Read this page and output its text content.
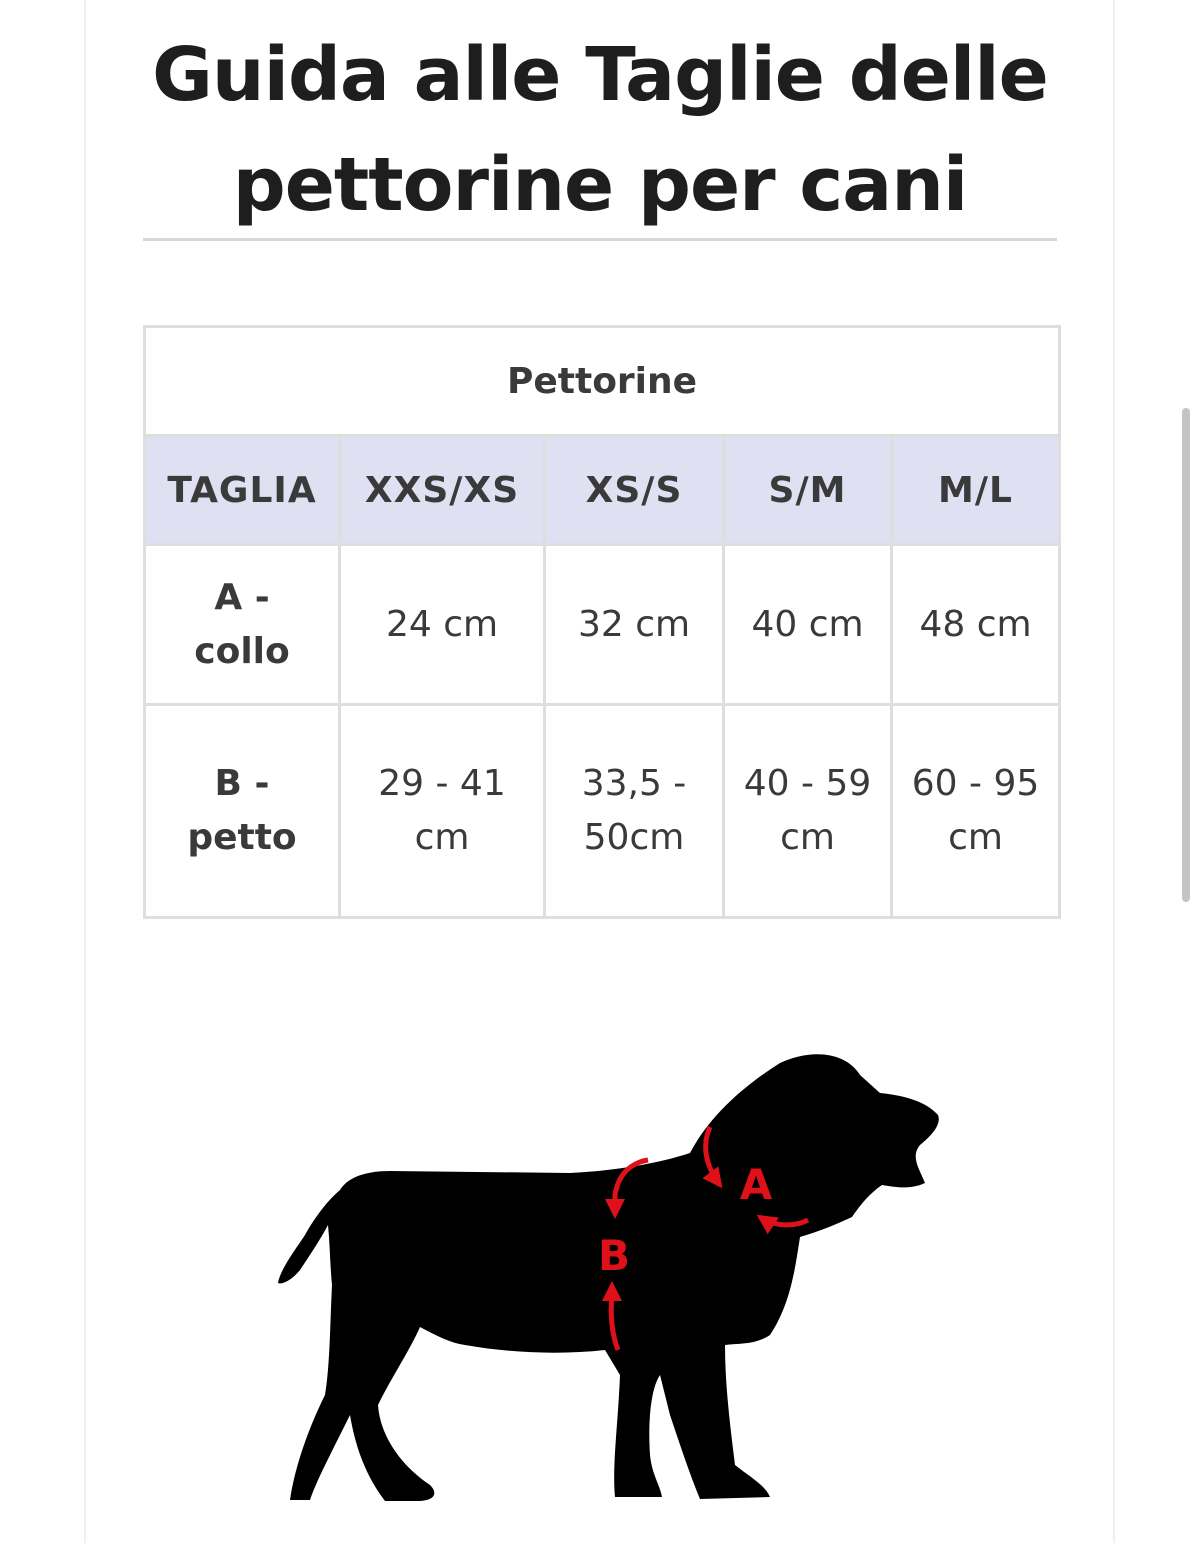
Guida alle Taglie delle pettorine per cani
Pettorine				
TAGLIA	XXS/XS	XS/S	S/M	M/L
A - collo	24 cm	32 cm	40 cm	48 cm
B - petto	29 - 41 cm	33,5 - 50cm	40 - 59 cm	60 - 95 cm
B
A
